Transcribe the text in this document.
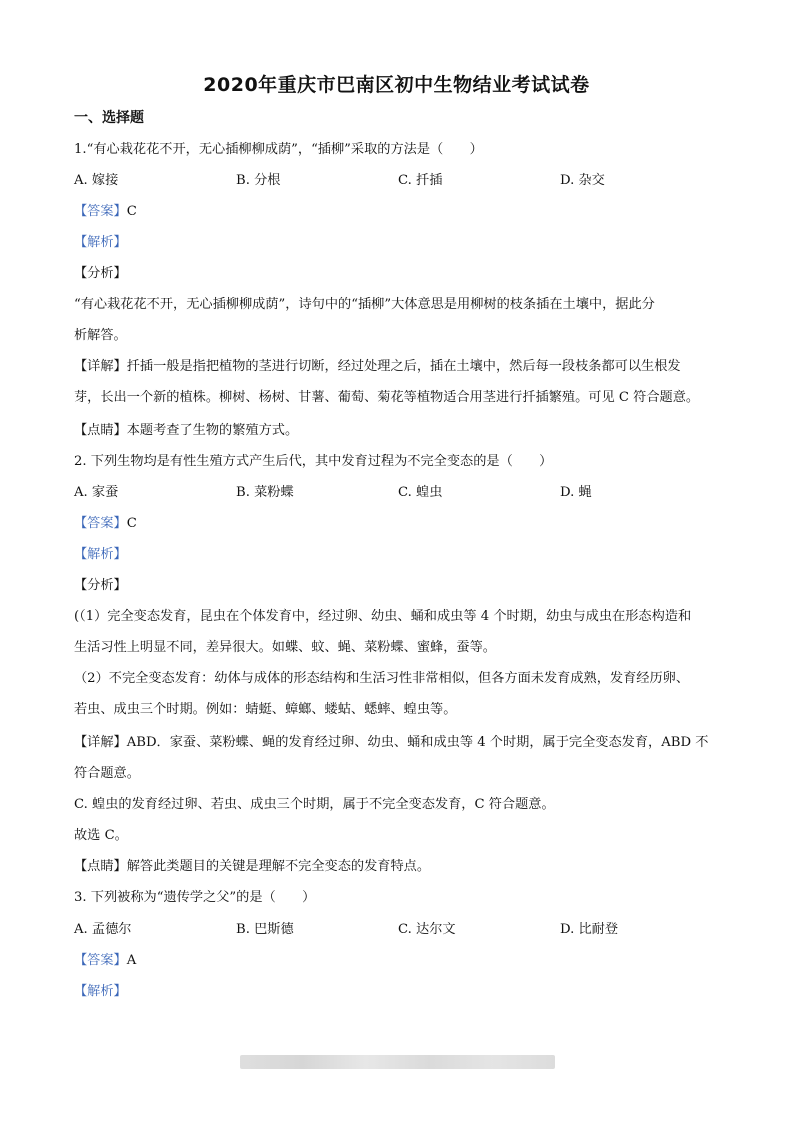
2020年重庆市巴南区初中生物结业考试试卷
一、选择题
1.“有心栽花花不开，无心插柳柳成荫”，“插柳”采取的方法是（　　）
A. 嫁接	B. 分根	C. 扦插	D. 杂交
【答案】C
【解析】
【分析】
“有心栽花花不开，无心插柳柳成荫”，诗句中的“插柳”大体意思是用柳树的枝条插在土壤中，据此分
析解答。
【详解】扦插一般是指把植物的茎进行切断，经过处理之后，插在土壤中，然后每一段枝条都可以生根发
芽，长出一个新的植株。柳树、杨树、甘薯、葡萄、菊花等植物适合用茎进行扦插繁殖。可见 C 符合题意。
【点睛】本题考查了生物的繁殖方式。
2. 下列生物均是有性生殖方式产生后代，其中发育过程为不完全变态的是（　　）
A. 家蚕	B. 菜粉蝶	C. 蝗虫	D. 蝇
【答案】C
【解析】
【分析】
(（1）完全变态发育，昆虫在个体发育中，经过卵、幼虫、蛹和成虫等 4 个时期，幼虫与成虫在形态构造和
生活习性上明显不同，差异很大。如蝶、蚊、蝇、菜粉蝶、蜜蜂，蚕等。
（2）不完全变态发育：幼体与成体的形态结构和生活习性非常相似，但各方面未发育成熟，发育经历卵、
若虫、成虫三个时期。例如：蜻蜓、蟑螂、蝼蛄、蟋蟀、蝗虫等。
【详解】ABD．家蚕、菜粉蝶、蝇的发育经过卵、幼虫、蛹和成虫等 4 个时期，属于完全变态发育，ABD 不
符合题意。
C. 蝗虫的发育经过卵、若虫、成虫三个时期，属于不完全变态发育，C 符合题意。
故选 C。
【点睛】解答此类题目的关键是理解不完全变态的发育特点。
3. 下列被称为“遗传学之父”的是（　　）
A. 孟德尔	B. 巴斯德	C. 达尔文	D. 比耐登
【答案】A
【解析】
